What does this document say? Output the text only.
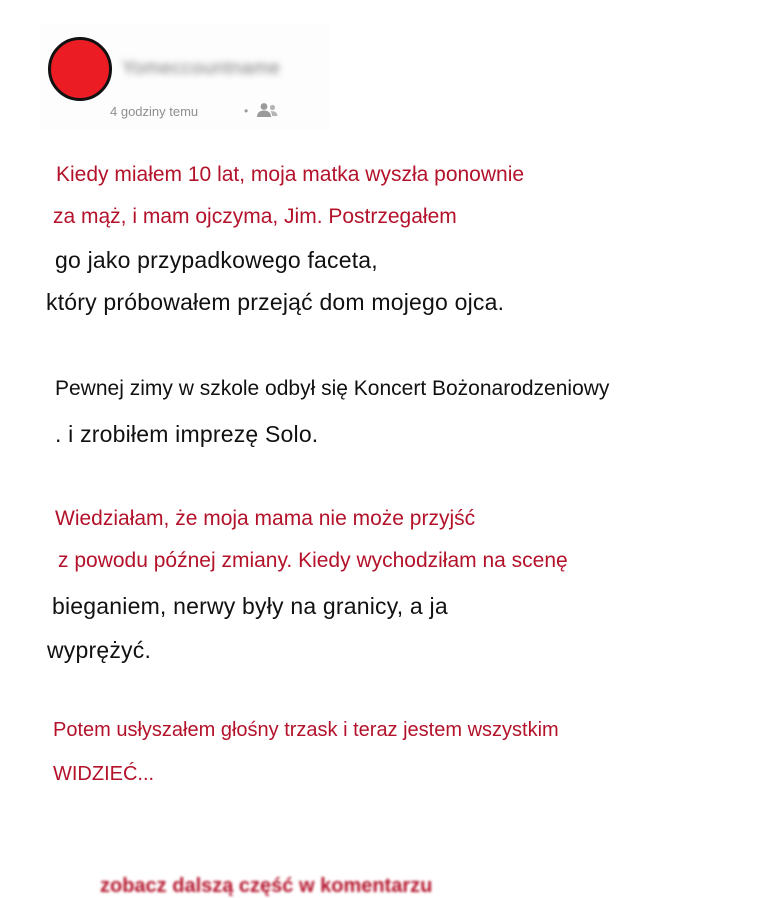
Yomeccountname
4 godziny temu	•

Kiedy miałem 10 lat, moja matka wyszła ponownie

za mąż, i mam ojczyma, Jim. Postrzegałem

go jako przypadkowego faceta,

który próbowałem przejąć dom mojego ojca.

Pewnej zimy w szkole odbył się Koncert Bożonarodzeniowy

. i zrobiłem imprezę Solo.

Wiedziałam, że moja mama nie może przyjść

z powodu późnej zmiany. Kiedy wychodziłam na scenę

bieganiem, nerwy były na granicy, a ja

wyprężyć.

Potem usłyszałem głośny trzask i teraz jestem wszystkim

WIDZIEĆ...

zobacz dalszą część w komentarzu
